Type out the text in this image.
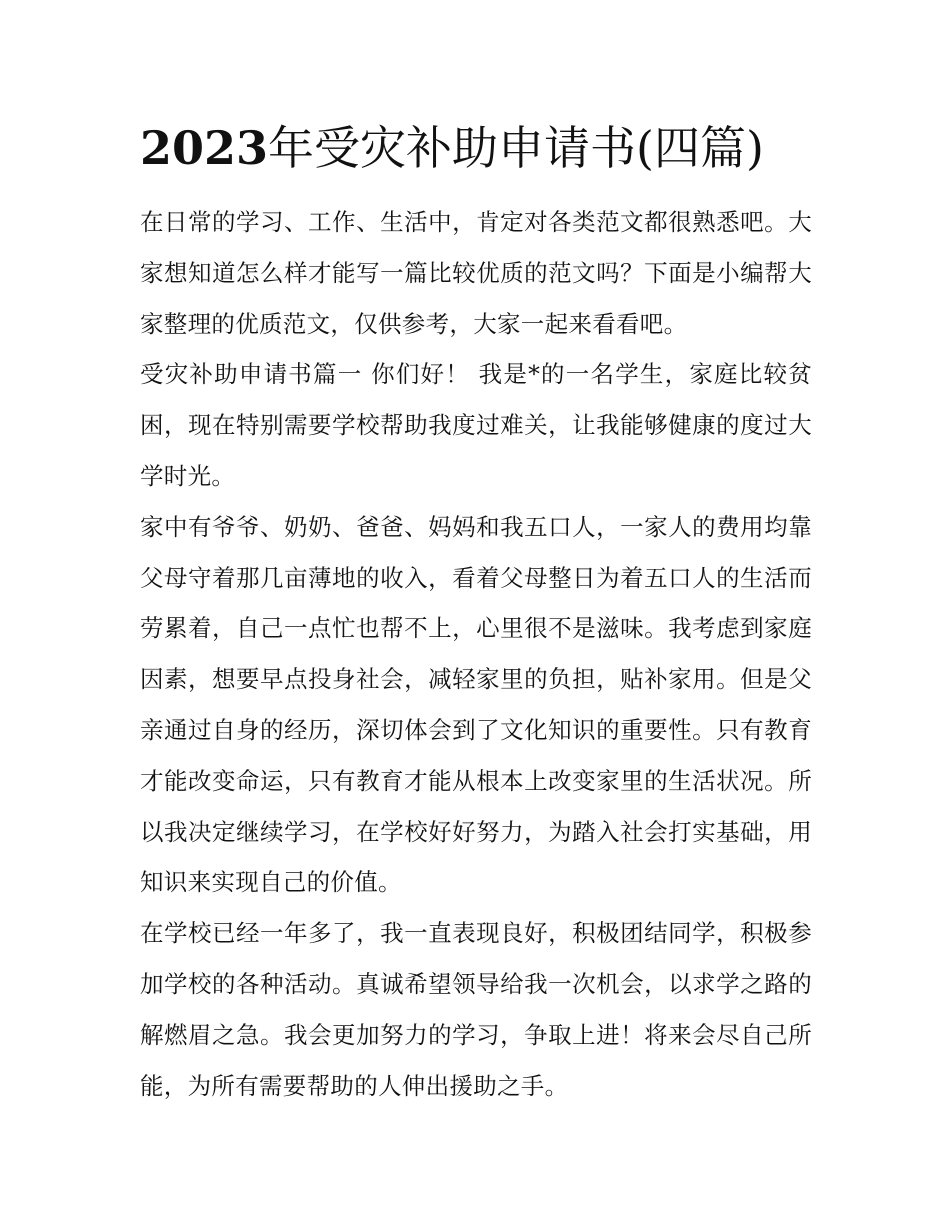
2023年受灾补助申请书(四篇)

在日常的学习、工作、生活中，肯定对各类范文都很熟悉吧。大家想知道怎么样才能写一篇比较优质的范文吗？下面是小编帮大家整理的优质范文，仅供参考，大家一起来看看吧。

受灾补助申请书篇一 你们好！ 我是*的一名学生，家庭比较贫困，现在特别需要学校帮助我度过难关，让我能够健康的度过大学时光。

家中有爷爷、奶奶、爸爸、妈妈和我五口人，一家人的费用均靠父母守着那几亩薄地的收入，看着父母整日为着五口人的生活而劳累着，自己一点忙也帮不上，心里很不是滋味。我考虑到家庭因素，想要早点投身社会，减轻家里的负担，贴补家用。但是父亲通过自身的经历，深切体会到了文化知识的重要性。只有教育才能改变命运，只有教育才能从根本上改变家里的生活状况。所以我决定继续学习，在学校好好努力，为踏入社会打实基础，用知识来实现自己的价值。

在学校已经一年多了，我一直表现良好，积极团结同学，积极参加学校的各种活动。真诚希望领导给我一次机会，以求学之路的解燃眉之急。我会更加努力的学习，争取上进！将来会尽自己所能，为所有需要帮助的人伸出援助之手。
